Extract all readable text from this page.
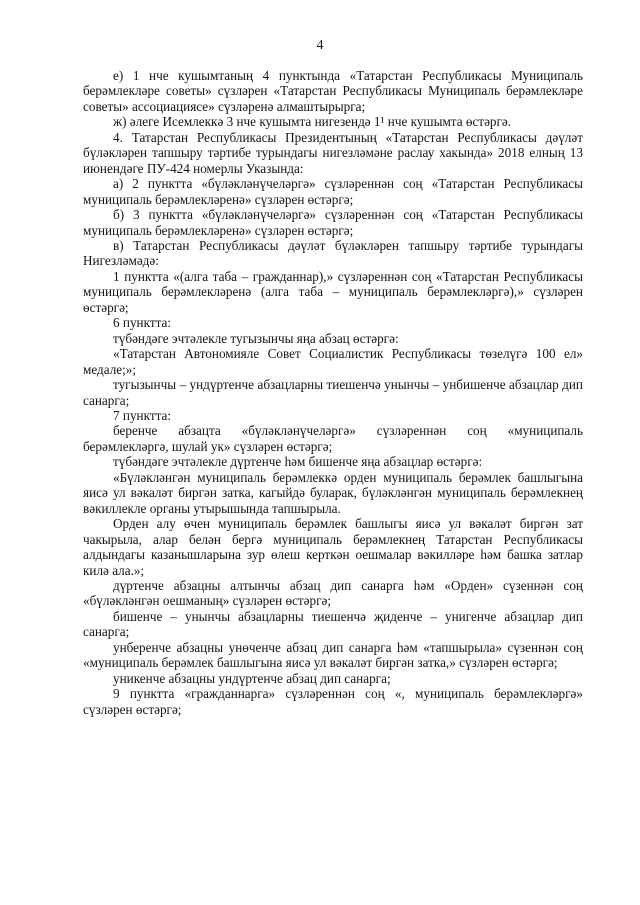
4

е) 1 нче кушымтаның 4 пунктында «Татарстан Республикасы Муниципаль берәмлекләре советы» сүзләрен «Татарстан Республикасы Муниципаль берәмлекләре советы» ассоциациясе» сүзләренә алмаштырырга;

ж) әлеге Исемлеккә 3 нче кушымта нигезендә 1¹ нче кушымта өстәргә.

4. Татарстан Республикасы Президентының «Татарстан Республикасы дәүләт бүләкләрен тапшыру тәртибе турындагы нигезләмәне раслау хакында» 2018 елның 13 июнендәге ПУ-424 номерлы Указында:

а) 2 пунктта «бүләкләнүчеләргә» сүзләреннән соң «Татарстан Республикасы муниципаль берәмлекләренә» сүзләрен өстәргә;

б) 3 пунктта «бүләкләнүчеләргә» сүзләреннән соң «Татарстан Республикасы муниципаль берәмлекләренә» сүзләрен өстәргә;

в) Татарстан Республикасы дәүләт бүләкләрен тапшыру тәртибе турындагы Нигезләмәдә:

1 пунктта «(алга таба – гражданнар),» сүзләреннән соң «Татарстан Республикасы муниципаль берәмлекләренә (алга таба – муниципаль берәмлекләргә),» сүзләрен өстәргә;

6 пунктта:

түбәндәге эчтәлекле тугызынчы яңа абзац өстәргә:

«Татарстан Автономияле Совет Социалистик Республикасы төзелүгә 100 ел» медале;»;

тугызынчы – ундүртенче абзацларны тиешенчә унынчы – унбишенче абзацлар дип санарга;

7 пунктта:

беренче абзацта «бүләкләнүчеләргә» сүзләреннән соң «муниципаль берәмлекләргә, шулай ук» сүзләрен өстәргә;

түбәндәге эчтәлекле дүртенче һәм бишенче яңа абзацлар өстәргә:

«Бүләкләнгән муниципаль берәмлеккә орден муниципаль берәмлек башлыгына яисә ул вәкаләт биргән затка, кагыйдә буларак, бүләкләнгән муниципаль берәмлекнең вәкиллекле органы утырышында тапшырыла.

Орден алу өчен муниципаль берәмлек башлыгы яисә ул вәкаләт биргән зат чакырыла, алар белән бергә муниципаль берәмлекнең Татарстан Республикасы алдындагы казанышларына зур өлеш керткән оешмалар вәкилләре һәм башка затлар килә ала.»;

дүртенче абзацны алтынчы абзац дип санарга һәм «Орден» сүзеннән соң «бүләкләнгән оешманың» сүзләрен өстәргә;

бишенче – унынчы абзацларны тиешенчә җиденче – унигенче абзацлар дип санарга;

унберенче абзацны унөченче абзац дип санарга һәм «тапшырыла» сүзеннән соң «муниципаль берәмлек башлыгына яисә ул вәкаләт биргән затка,» сүзләрен өстәргә;

уникенче абзацны ундүртенче абзац дип санарга;

9 пунктта «гражданнарга» сүзләреннән соң «, муниципаль берәмлекләргә» сүзләрен өстәргә;
